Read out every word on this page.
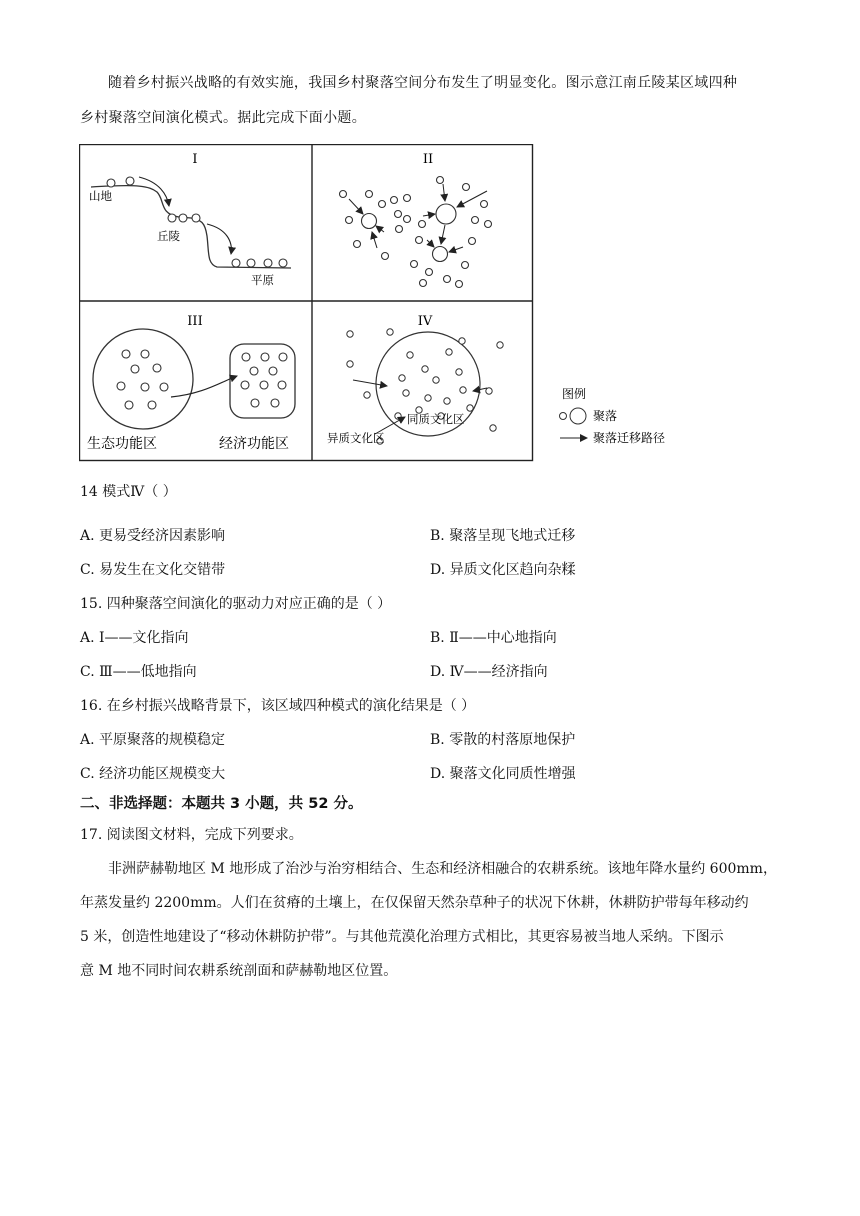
随着乡村振兴战略的有效实施，我国乡村聚落空间分布发生了明显变化。图示意江南丘陵某区域四种
乡村聚落空间演化模式。据此完成下面小题。
I
山地
丘陵
平原
II
III
生态功能区	经济功能区
IV
异质文化区
同质文化区
图例
聚落
聚落迁移路径
14 模式Ⅳ（ ）
A. 更易受经济因素影响	B. 聚落呈现飞地式迁移
C. 易发生在文化交错带	D. 异质文化区趋向杂糅
15. 四种聚落空间演化的驱动力对应正确的是（ ）
A. Ⅰ——文化指向	B. Ⅱ——中心地指向
C. Ⅲ——低地指向	D. Ⅳ——经济指向
16. 在乡村振兴战略背景下，该区域四种模式的演化结果是（ ）
A. 平原聚落的规模稳定	B. 零散的村落原地保护
C. 经济功能区规模变大	D. 聚落文化同质性增强
二、非选择题：本题共 3 小题，共 52 分。
17. 阅读图文材料，完成下列要求。
非洲萨赫勒地区 M 地形成了治沙与治穷相结合、生态和经济相融合的农耕系统。该地年降水量约 600mm，
年蒸发量约 2200mm。人们在贫瘠的土壤上，在仅保留天然杂草种子的状况下休耕，休耕防护带每年移动约
5 米，创造性地建设了“移动休耕防护带”。与其他荒漠化治理方式相比，其更容易被当地人采纳。下图示
意 M 地不同时间农耕系统剖面和萨赫勒地区位置。
